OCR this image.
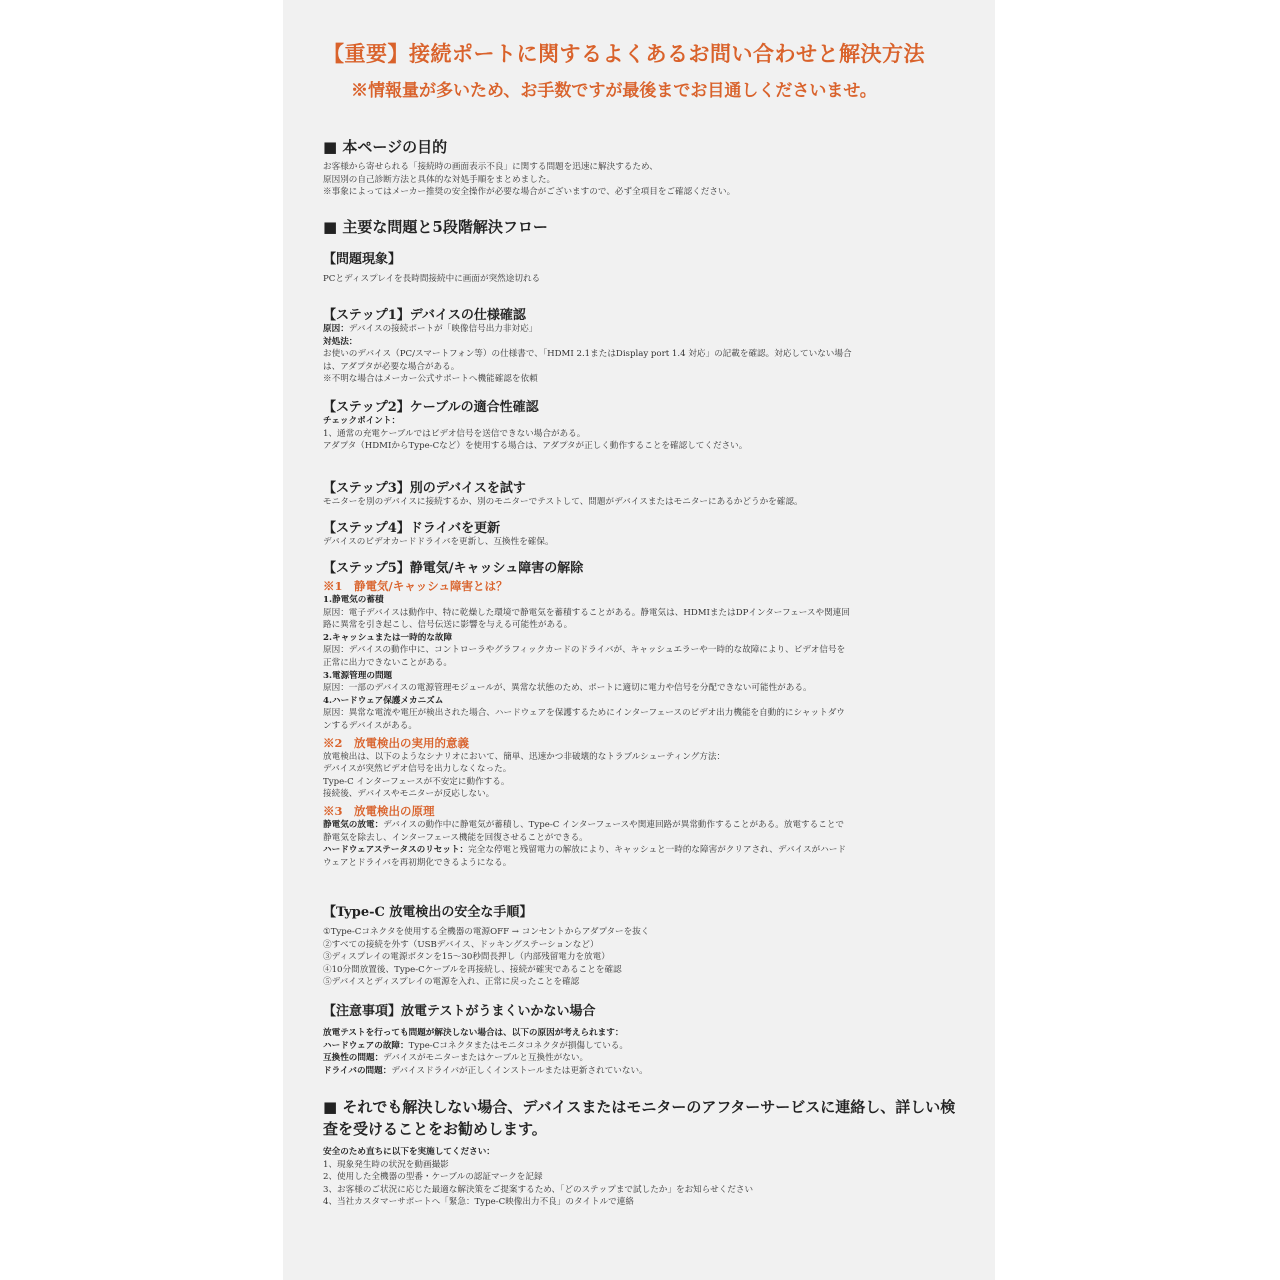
【重要】接続ポートに関するよくあるお問い合わせと解決方法

※情報量が多いため、お手数ですが最後までお目通しくださいませ。

■ 本ページの目的

お客様から寄せられる「接続時の画面表示不良」に関する問題を迅速に解決するため、

原因別の自己診断方法と具体的な対処手順をまとめました。

※事象によってはメーカー推奨の安全操作が必要な場合がございますので、必ず全項目をご確認ください。

■ 主要な問題と5段階解決フロー

【問題現象】

PCとディスプレイを長時間接続中に画面が突然途切れる

【ステップ1】デバイスの仕様確認

原因：デバイスの接続ポートが「映像信号出力非対応」

対処法：

お使いのデバイス（PC/スマートフォン等）の仕様書で、「HDMI 2.1またはDisplay port 1.4 対応」の記載を確認。対応していない場合

は、アダプタが必要な場合がある。

※不明な場合はメーカー公式サポートへ機能確認を依頼

【ステップ2】ケーブルの適合性確認

チェックポイント：

1、通常の充電ケーブルではビデオ信号を送信できない場合がある。

アダプタ（HDMIからType-Cなど）を使用する場合は、アダプタが正しく動作することを確認してください。

【ステップ3】別のデバイスを試す

モニターを別のデバイスに接続するか、別のモニターでテストして、問題がデバイスまたはモニターにあるかどうかを確認。

【ステップ4】ドライバを更新

デバイスのビデオカードドライバを更新し、互換性を確保。

【ステップ5】静電気/キャッシュ障害の解除

※1　静電気/キャッシュ障害とは？

1.静電気の蓄積

原因：電子デバイスは動作中、特に乾燥した環境で静電気を蓄積することがある。静電気は、HDMIまたはDPインターフェースや関連回

路に異常を引き起こし、信号伝送に影響を与える可能性がある。

2.キャッシュまたは一時的な故障

原因：デバイスの動作中に、コントローラやグラフィックカードのドライバが、キャッシュエラーや一時的な故障により、ビデオ信号を

正常に出力できないことがある。

3.電源管理の問題

原因：一部のデバイスの電源管理モジュールが、異常な状態のため、ポートに適切に電力や信号を分配できない可能性がある。

4.ハードウェア保護メカニズム

原因：異常な電流や電圧が検出された場合、ハードウェアを保護するためにインターフェースのビデオ出力機能を自動的にシャットダウ

ンするデバイスがある。

※2　放電検出の実用的意義

放電検出は、以下のようなシナリオにおいて、簡単、迅速かつ非破壊的なトラブルシューティング方法：

デバイスが突然ビデオ信号を出力しなくなった。

Type-C インターフェースが不安定に動作する。

接続後、デバイスやモニターが反応しない。

※3　放電検出の原理

静電気の放電：デバイスの動作中に静電気が蓄積し、Type-C インターフェースや関連回路が異常動作することがある。放電することで

静電気を除去し、インターフェース機能を回復させることができる。

ハードウェアステータスのリセット：完全な停電と残留電力の解放により、キャッシュと一時的な障害がクリアされ、デバイスがハード

ウェアとドライバを再初期化できるようになる。

【Type-C 放電検出の安全な手順】

①Type-Cコネクタを使用する全機器の電源OFF → コンセントからアダプターを抜く

②すべての接続を外す（USBデバイス、ドッキングステーションなど）

③ディスプレイの電源ボタンを15〜30秒間長押し（内部残留電力を放電）

④10分間放置後、Type-Cケーブルを再接続し、接続が確実であることを確認

⑤デバイスとディスプレイの電源を入れ、正常に戻ったことを確認

【注意事項】放電テストがうまくいかない場合

放電テストを行っても問題が解決しない場合は、以下の原因が考えられます：

ハードウェアの故障：Type-Cコネクタまたはモニタコネクタが損傷している。

互換性の問題：デバイスがモニターまたはケーブルと互換性がない。

ドライバの問題：デバイスドライバが正しくインストールまたは更新されていない。

■ それでも解決しない場合、デバイスまたはモニターのアフターサービスに連絡し、詳しい検査を受けることをお勧めします。

安全のため直ちに以下を実施してください：

1、現象発生時の状況を動画撮影

2、使用した全機器の型番・ケーブルの認証マークを記録

3、お客様のご状況に応じた最適な解決策をご提案するため、「どのステップまで試したか」をお知らせください

4、当社カスタマーサポートへ「緊急：Type-C映像出力不良」のタイトルで連絡
